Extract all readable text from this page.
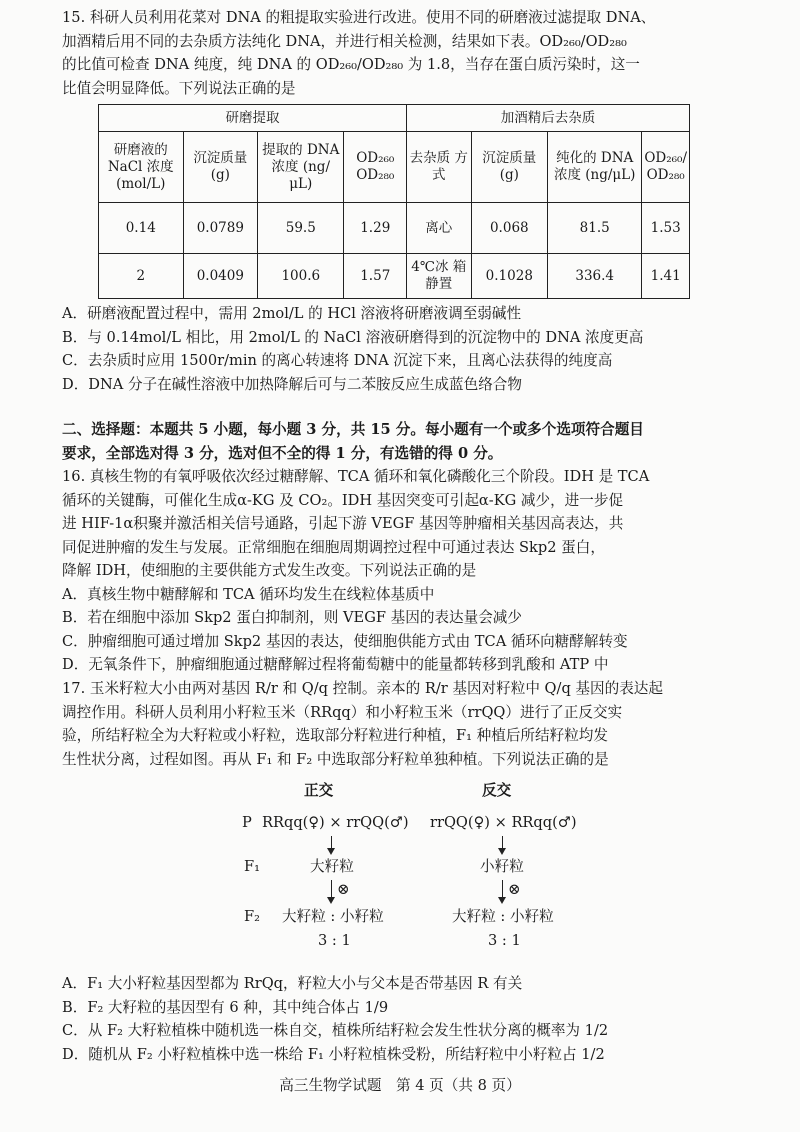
15. 科研人员利用花菜对 DNA 的粗提取实验进行改进。使用不同的研磨液过滤提取 DNA、

加酒精后用不同的去杂质方法纯化 DNA，并进行相关检测，结果如下表。OD₂₆₀/OD₂₈₀

的比值可检查 DNA 纯度，纯 DNA 的 OD₂₆₀/OD₂₈₀ 为 1.8，当存在蛋白质污染时，这一

比值会明显降低。下列说法正确的是

研磨提取				加酒精后去杂质			
研磨液的 NaCl 浓度 (mol/L)	沉淀质量 (g)	提取的 DNA 浓度 (ng/μL)	OD₂₆₀ OD₂₈₀	去杂质 方式	沉淀质量 (g)	纯化的 DNA 浓度 (ng/μL)	OD₂₆₀/ OD₂₈₀
0.14	0.0789	59.5	1.29	离心	0.068	81.5	1.53
2	0.0409	100.6	1.57	4℃冰 箱静置	0.1028	336.4	1.41

A．研磨液配置过程中，需用 2mol/L 的 HCl 溶液将研磨液调至弱碱性

B．与 0.14mol/L 相比，用 2mol/L 的 NaCl 溶液研磨得到的沉淀物中的 DNA 浓度更高

C．去杂质时应用 1500r/min 的离心转速将 DNA 沉淀下来，且离心法获得的纯度高

D．DNA 分子在碱性溶液中加热降解后可与二苯胺反应生成蓝色络合物

二、选择题：本题共 5 小题，每小题 3 分，共 15 分。每小题有一个或多个选项符合题目

要求，全部选对得 3 分，选对但不全的得 1 分，有选错的得 0 分。

16. 真核生物的有氧呼吸依次经过糖酵解、TCA 循环和氧化磷酸化三个阶段。IDH 是 TCA

循环的关键酶，可催化生成α-KG 及 CO₂。IDH 基因突变可引起α-KG 减少，进一步促

进 HIF-1α积聚并激活相关信号通路，引起下游 VEGF 基因等肿瘤相关基因高表达，共

同促进肿瘤的发生与发展。正常细胞在细胞周期调控过程中可通过表达 Skp2 蛋白，

降解 IDH，使细胞的主要供能方式发生改变。下列说法正确的是

A．真核生物中糖酵解和 TCA 循环均发生在线粒体基质中

B．若在细胞中添加 Skp2 蛋白抑制剂，则 VEGF 基因的表达量会减少

C．肿瘤细胞可通过增加 Skp2 基因的表达，使细胞供能方式由 TCA 循环向糖酵解转变

D．无氧条件下，肿瘤细胞通过糖酵解过程将葡萄糖中的能量都转移到乳酸和 ATP 中

17. 玉米籽粒大小由两对基因 R/r 和 Q/q 控制。亲本的 R/r 基因对籽粒中 Q/q 基因的表达起

调控作用。科研人员利用小籽粒玉米（RRqq）和小籽粒玉米（rrQQ）进行了正反交实

验，所结籽粒全为大籽粒或小籽粒，选取部分籽粒进行种植，F₁ 种植后所结籽粒均发

生性状分离，过程如图。再从 F₁ 和 F₂ 中选取部分籽粒单独种植。下列说法正确的是

正交	反交
P RRqq(♀) × rrQQ(♂) rrQQ(♀) × RRqq(♂)
F₁	大籽粒	小籽粒
⊗	⊗
F₂ 大籽粒 : 小籽粒	大籽粒 : 小籽粒
3 : 1	3 : 1

A．F₁ 大小籽粒基因型都为 RrQq，籽粒大小与父本是否带基因 R 有关

B．F₂ 大籽粒的基因型有 6 种，其中纯合体占 1/9

C．从 F₂ 大籽粒植株中随机选一株自交，植株所结籽粒会发生性状分离的概率为 1/2

D．随机从 F₂ 小籽粒植株中选一株给 F₁ 小籽粒植株受粉，所结籽粒中小籽粒占 1/2

高三生物学试题　第 4 页（共 8 页）
